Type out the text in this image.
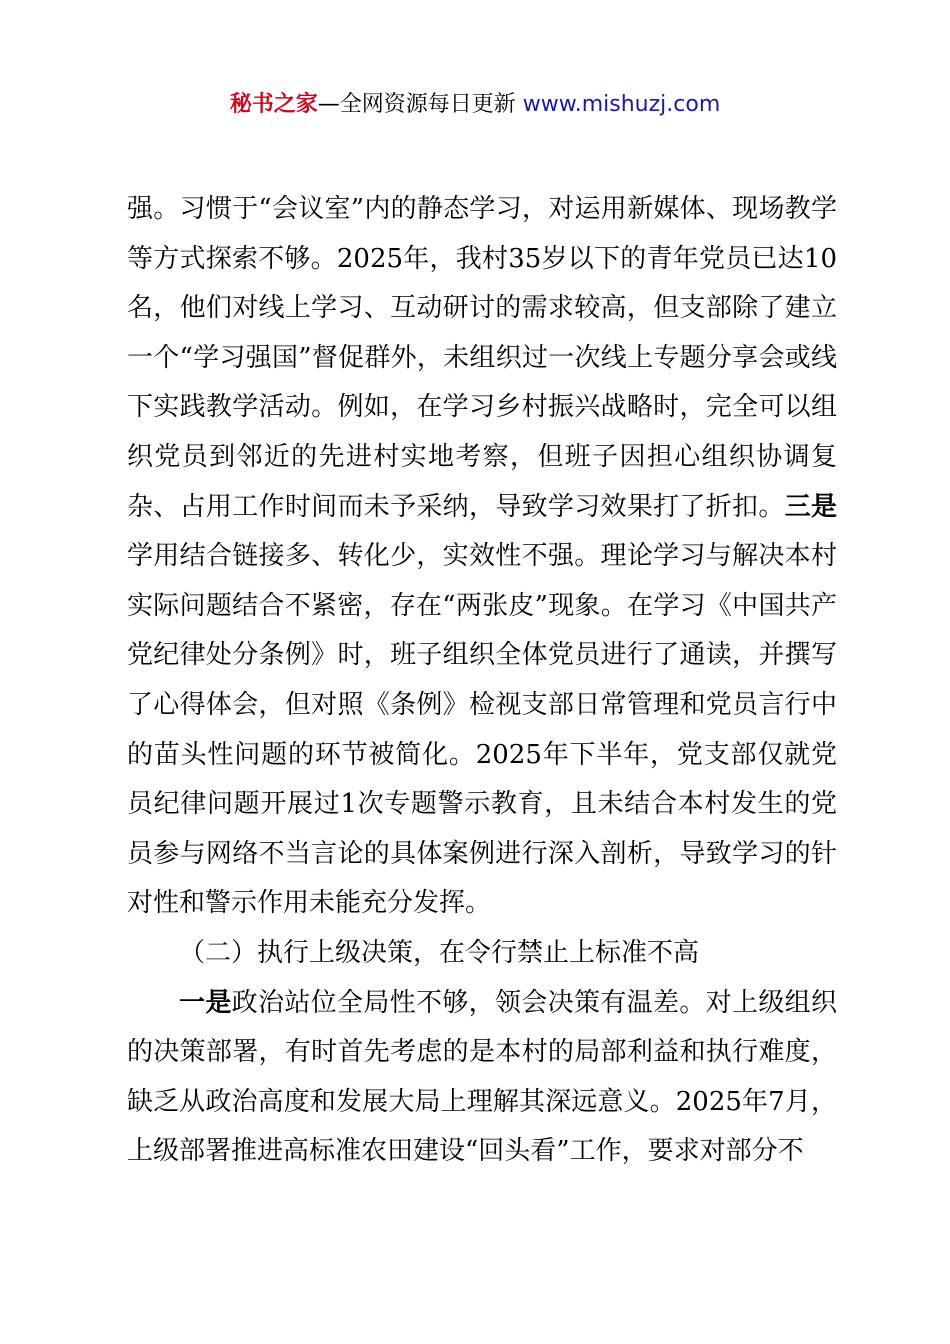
秘书之家—全网资源每日更新 www.mishuzj.com

强。习惯于“会议室”内的静态学习，对运用新媒体、现场教学等方式探索不够。2025年，我村35岁以下的青年党员已达10名，他们对线上学习、互动研讨的需求较高，但支部除了建立一个“学习强国”督促群外，未组织过一次线上专题分享会或线下实践教学活动。例如，在学习乡村振兴战略时，完全可以组织党员到邻近的先进村实地考察，但班子因担心组织协调复杂、占用工作时间而未予采纳，导致学习效果打了折扣。三是学用结合链接多、转化少，实效性不强。理论学习与解决本村实际问题结合不紧密，存在“两张皮”现象。在学习《中国共产党纪律处分条例》时，班子组织全体党员进行了通读，并撰写了心得体会，但对照《条例》检视支部日常管理和党员言行中的苗头性问题的环节被简化。2025年下半年，党支部仅就党员纪律问题开展过1次专题警示教育，且未结合本村发生的党员参与网络不当言论的具体案例进行深入剖析，导致学习的针对性和警示作用未能充分发挥。

（二）执行上级决策，在令行禁止上标准不高

一是政治站位全局性不够，领会决策有温差。对上级组织的决策部署，有时首先考虑的是本村的局部利益和执行难度，缺乏从政治高度和发展大局上理解其深远意义。2025年7月，上级部署推进高标准农田建设“回头看”工作，要求对部分不
